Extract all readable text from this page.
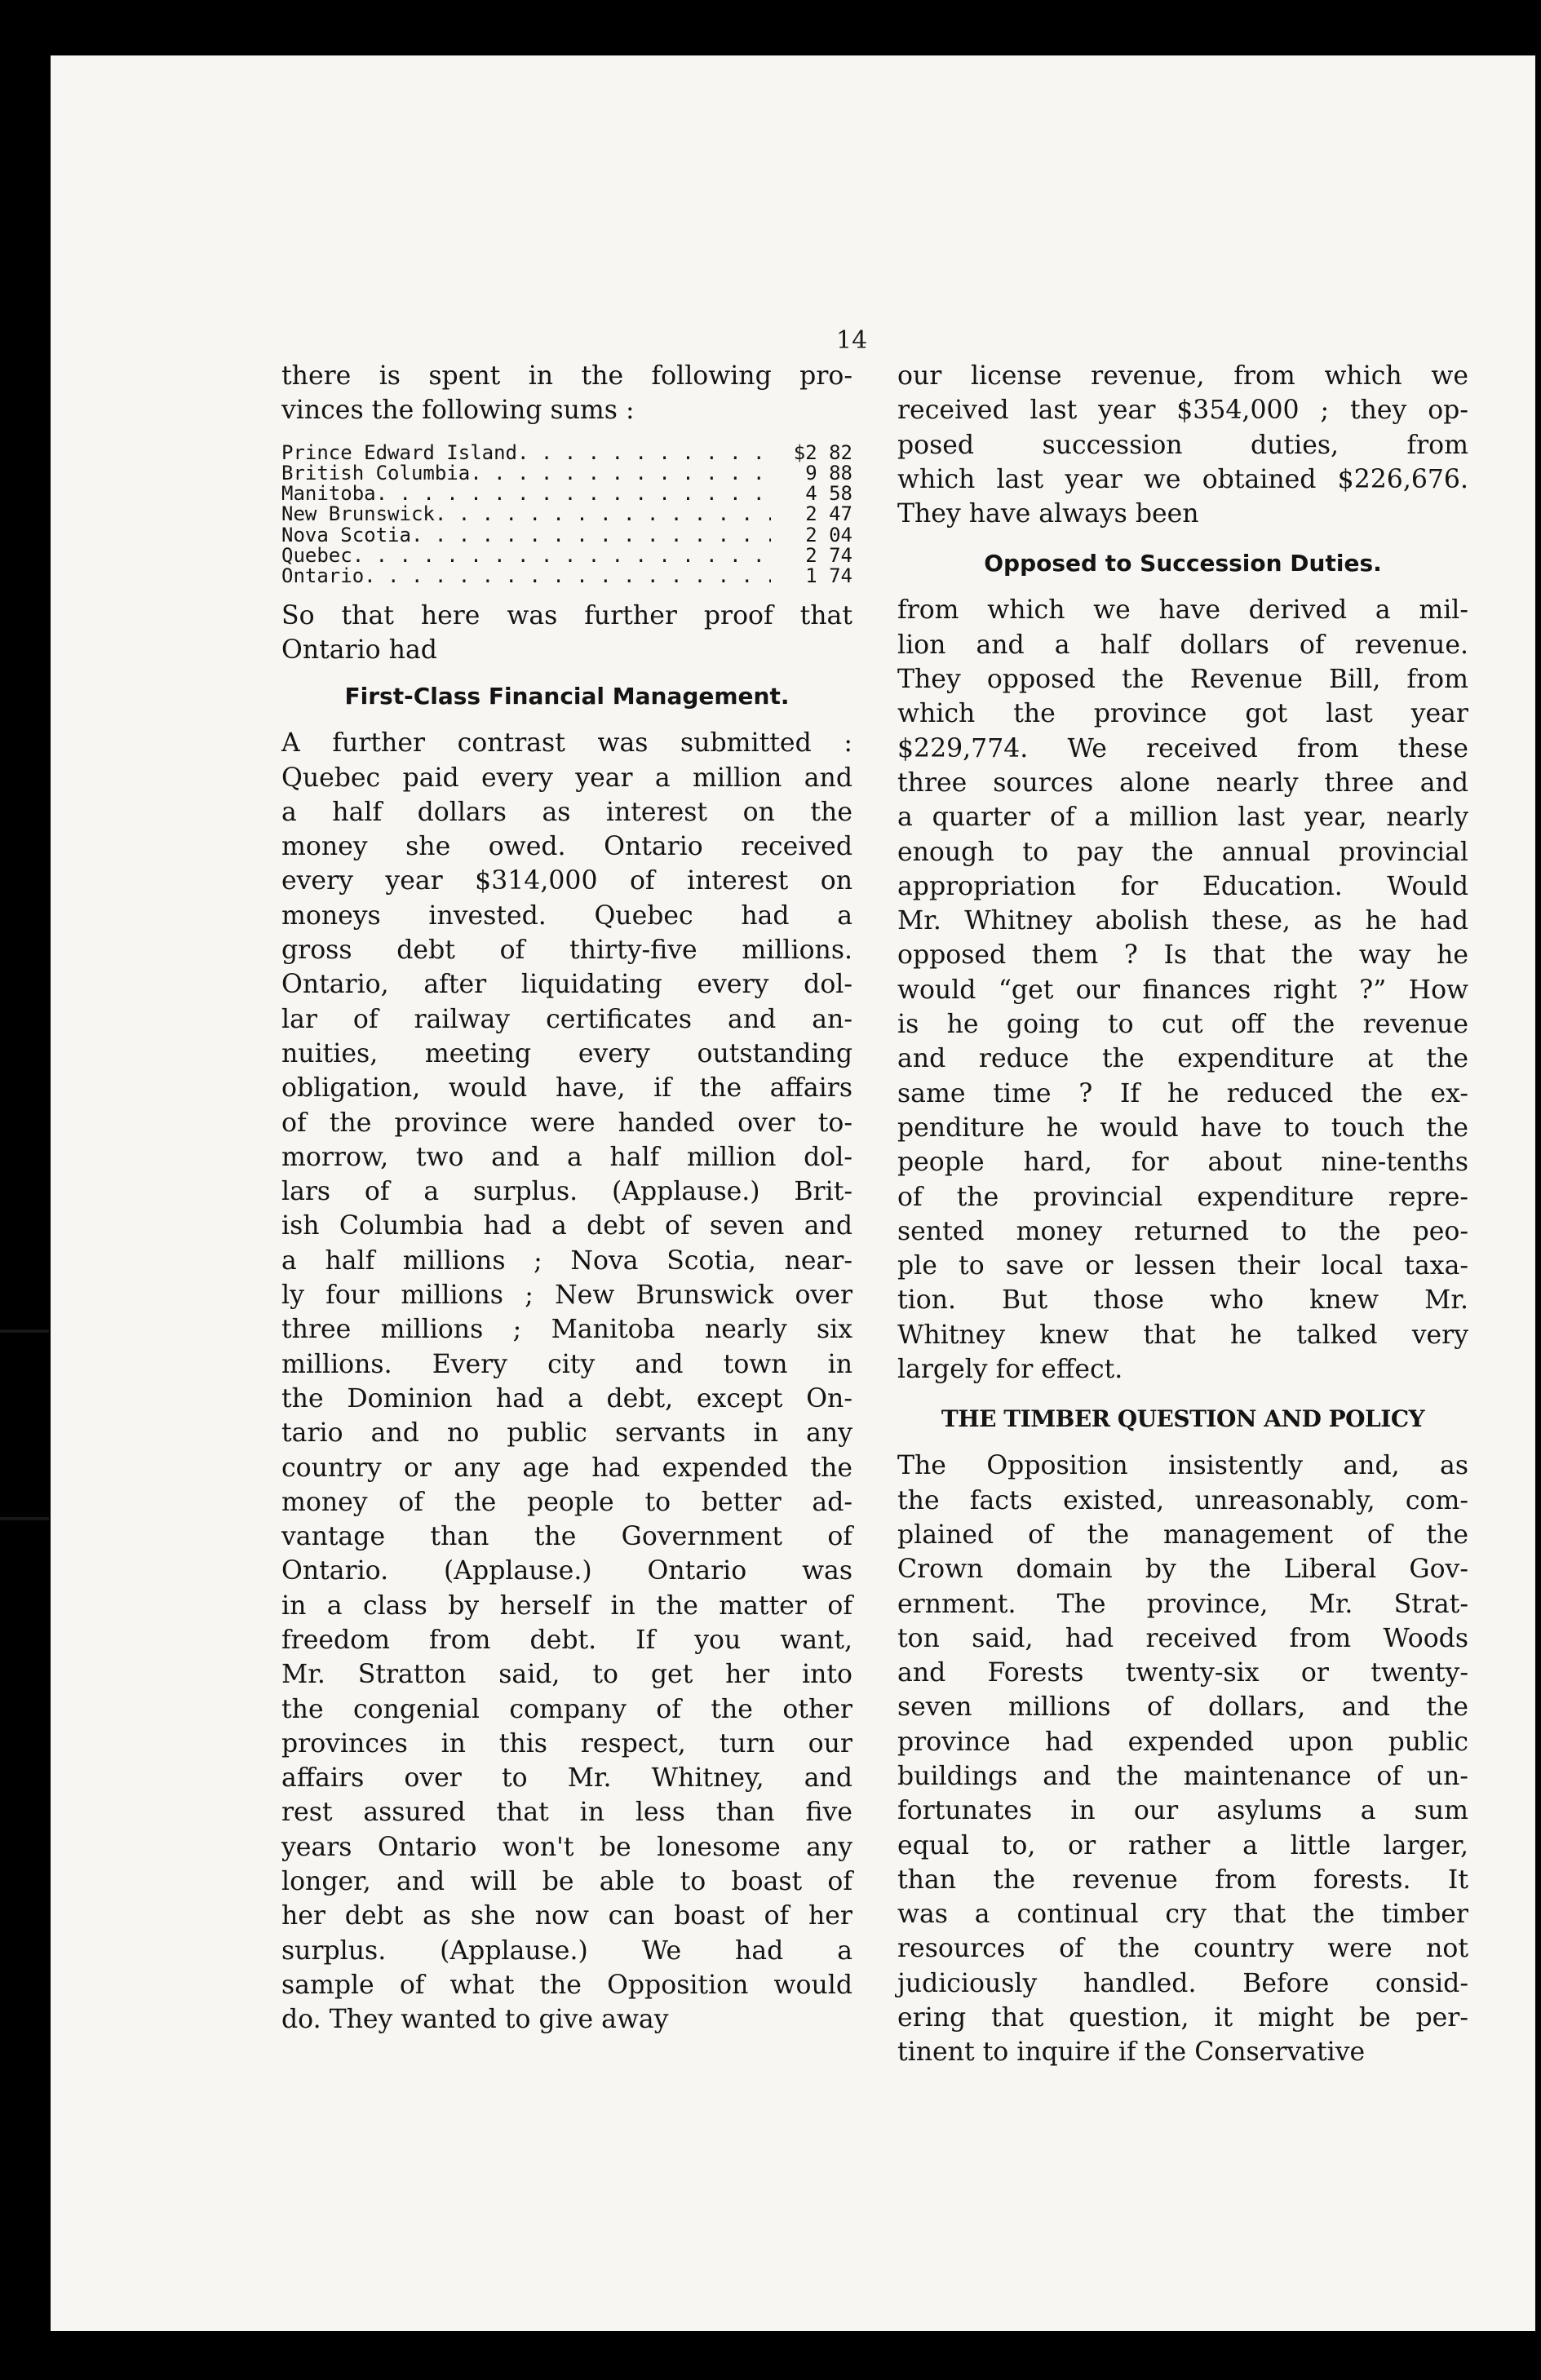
14
there is spent in the following pro-
vinces the following sums :
Prince Edward Island . . .	$2 82
British Columbia . . .	9 88
Manitoba . . .	4 58
New Brunswick . . .	2 47
Nova Scotia . . .	2 04
Quebec . . .	2 74
Ontario . . .	1 74
So that here was further proof that
Ontario had
First-Class Financial Management.
A further contrast was submitted :
Quebec paid every year a million and
a half dollars as interest on the
money she owed. Ontario received
every year $314,000 of interest on
moneys invested. Quebec had a
gross debt of thirty-five millions.
Ontario, after liquidating every dol-
lar of railway certificates and an-
nuities, meeting every outstanding
obligation, would have, if the affairs
of the province were handed over to-
morrow, two and a half million dol-
lars of a surplus. (Applause.) Brit-
ish Columbia had a debt of seven and
a half millions ; Nova Scotia, near-
ly four millions ; New Brunswick over
three millions ; Manitoba nearly six
millions. Every city and town in
the Dominion had a debt, except On-
tario and no public servants in any
country or any age had expended the
money of the people to better ad-
vantage than the Government of
Ontario. (Applause.) Ontario was
in a class by herself in the matter of
freedom from debt. If you want,
Mr. Stratton said, to get her into
the congenial company of the other
provinces in this respect, turn our
affairs over to Mr. Whitney, and
rest assured that in less than five
years Ontario won't be lonesome any
longer, and will be able to boast of
her debt as she now can boast of her
surplus. (Applause.) We had a
sample of what the Opposition would
do. They wanted to give away
our license revenue, from which we
received last year $354,000 ; they op-
posed succession duties, from
which last year we obtained $226,676.
They have always been
Opposed to Succession Duties.
from which we have derived a mil-
lion and a half dollars of revenue.
They opposed the Revenue Bill, from
which the province got last year
$229,774. We received from these
three sources alone nearly three and
a quarter of a million last year, nearly
enough to pay the annual provincial
appropriation for Education. Would
Mr. Whitney abolish these, as he had
opposed them ? Is that the way he
would “get our finances right ?” How
is he going to cut off the revenue
and reduce the expenditure at the
same time ? If he reduced the ex-
penditure he would have to touch the
people hard, for about nine-tenths
of the provincial expenditure repre-
sented money returned to the peo-
ple to save or lessen their local taxa-
tion. But those who knew Mr.
Whitney knew that he talked very
largely for effect.
THE TIMBER QUESTION AND POLICY
The Opposition insistently and, as
the facts existed, unreasonably, com-
plained of the management of the
Crown domain by the Liberal Gov-
ernment. The province, Mr. Strat-
ton said, had received from Woods
and Forests twenty-six or twenty-
seven millions of dollars, and the
province had expended upon public
buildings and the maintenance of un-
fortunates in our asylums a sum
equal to, or rather a little larger,
than the revenue from forests. It
was a continual cry that the timber
resources of the country were not
judiciously handled. Before consid-
ering that question, it might be per-
tinent to inquire if the Conservative
